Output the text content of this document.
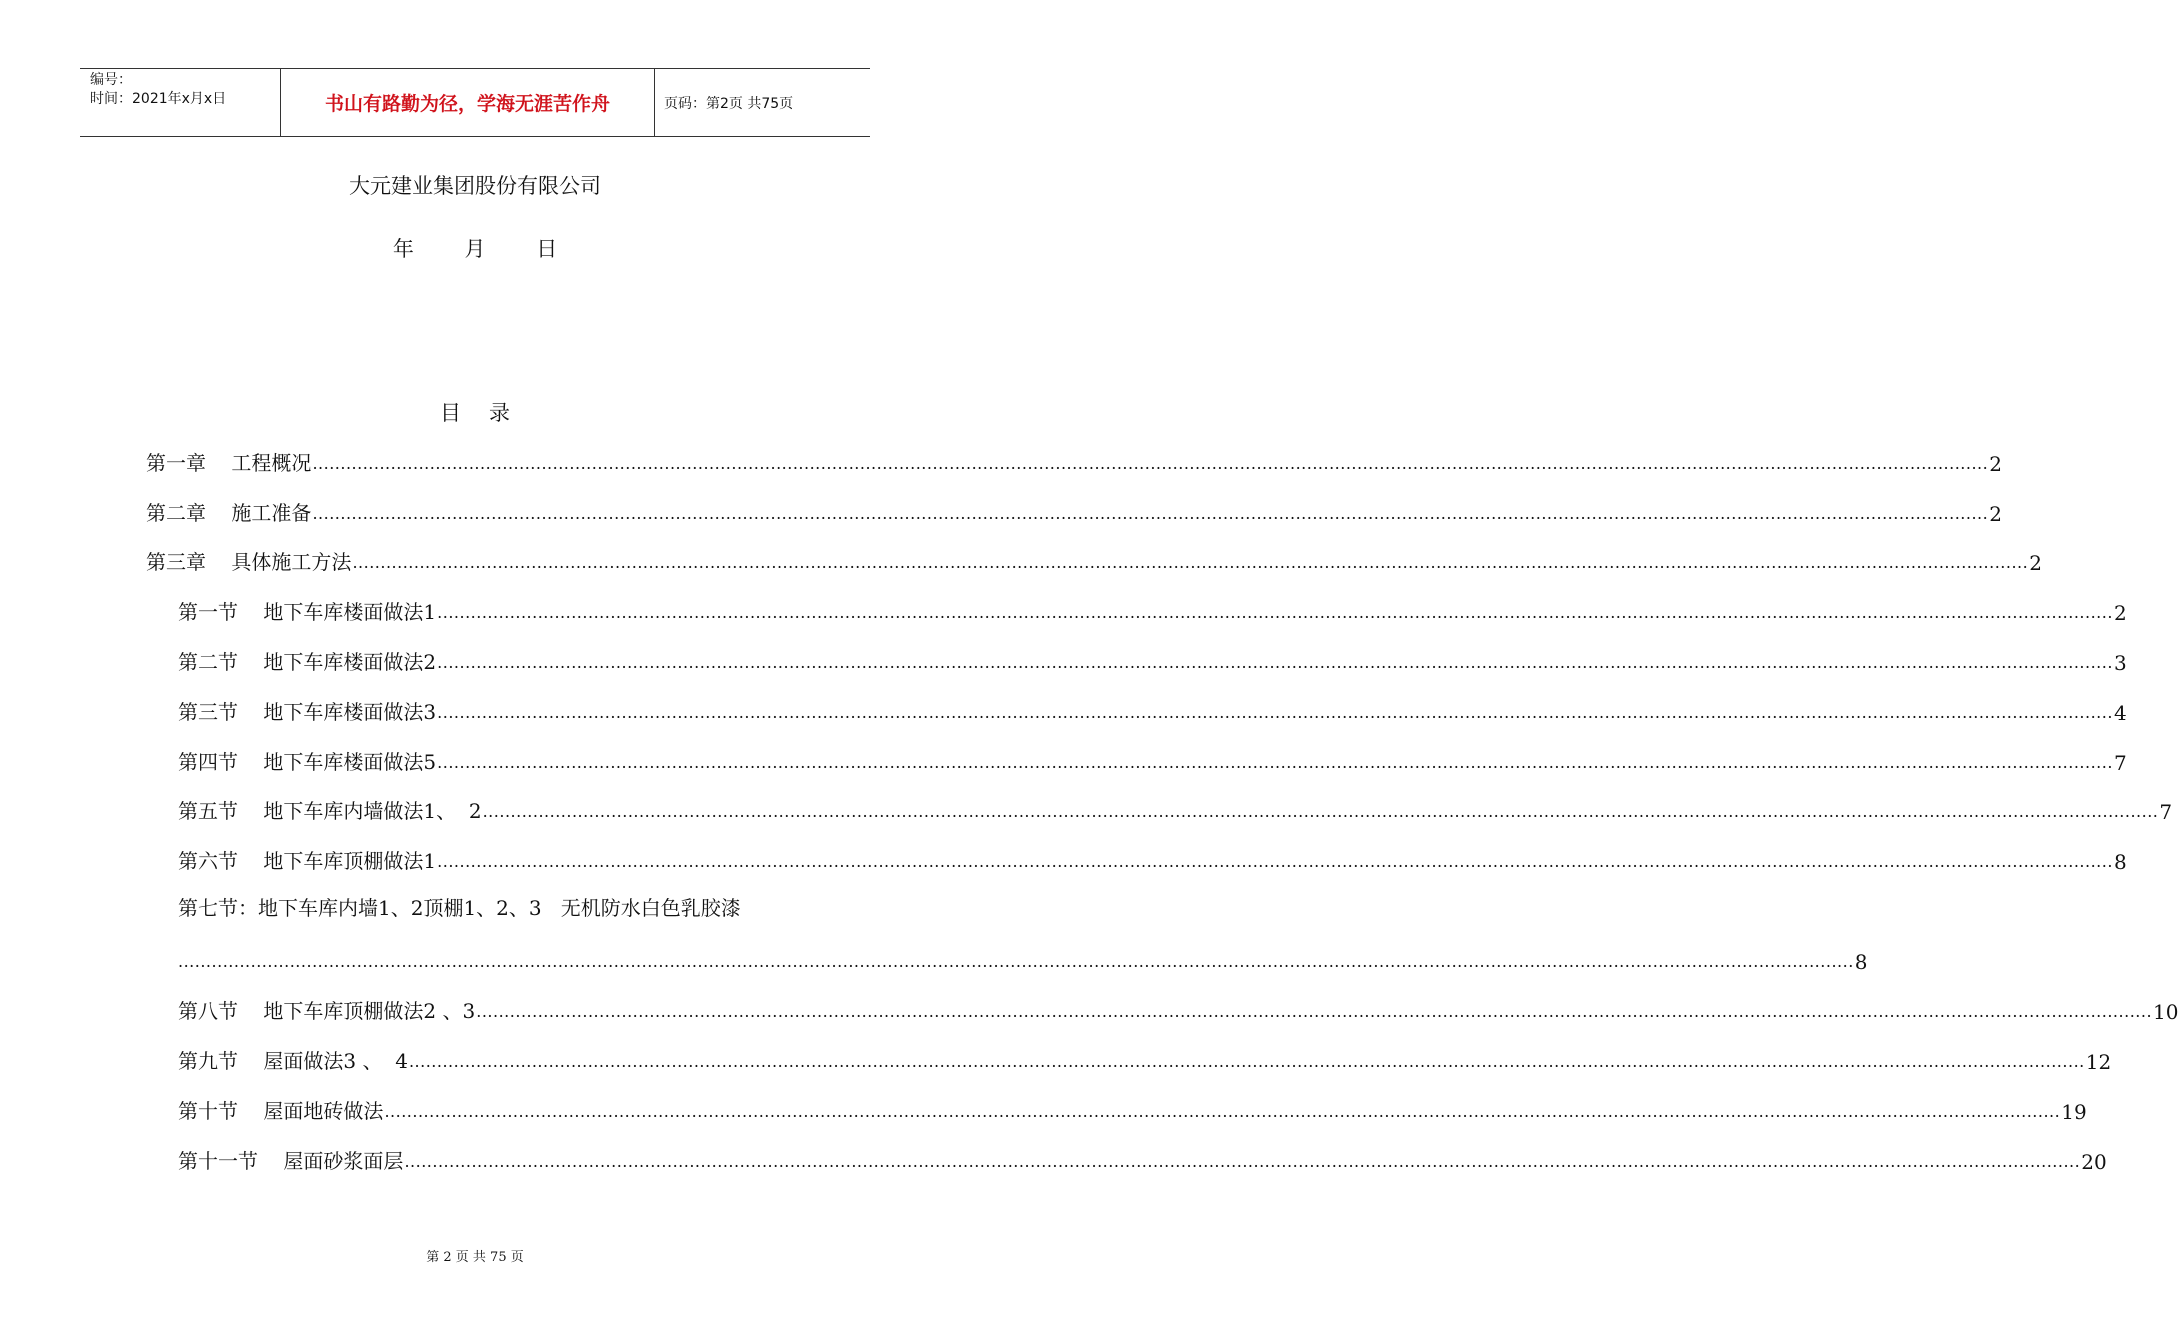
编号：
时间：2021年x月x日	书山有路勤为径，学海无涯苦作舟	页码：第2页 共75页
大元建业集团股份有限公司
年 月 日
目录
第一章    工程概况 ............................................................................................................................................................................................................................................................................................................ 2
第二章    施工准备 ............................................................................................................................................................................................................................................................................................................ 2
第三章    具体施工方法 ............................................................................................................................................................................................................................................................................................................ 2
第一节    地下车库楼面做法1 ............................................................................................................................................................................................................................................................................................................ 2
第二节    地下车库楼面做法2 ............................................................................................................................................................................................................................................................................................................ 3
第三节    地下车库楼面做法3 ............................................................................................................................................................................................................................................................................................................ 4
第四节    地下车库楼面做法5 ............................................................................................................................................................................................................................................................................................................ 7
第五节    地下车库内墙做法1、  2 ............................................................................................................................................................................................................................................................................................................ 7
第六节    地下车库顶棚做法1 ............................................................................................................................................................................................................................................................................................................ 8
第七节：地下车库内墙1、2顶棚1、2、3   无机防水白色乳胶漆
............................................................................................................................................................................................................................................................................................................ 8
第八节    地下车库顶棚做法2 、3 ............................................................................................................................................................................................................................................................................................................ 10
第九节    屋面做法3 、  4 ............................................................................................................................................................................................................................................................................................................ 12
第十节    屋面地砖做法 ............................................................................................................................................................................................................................................................................................................ 19
第十一节    屋面砂浆面层 ............................................................................................................................................................................................................................................................................................................ 20
第 2 页 共 75 页
